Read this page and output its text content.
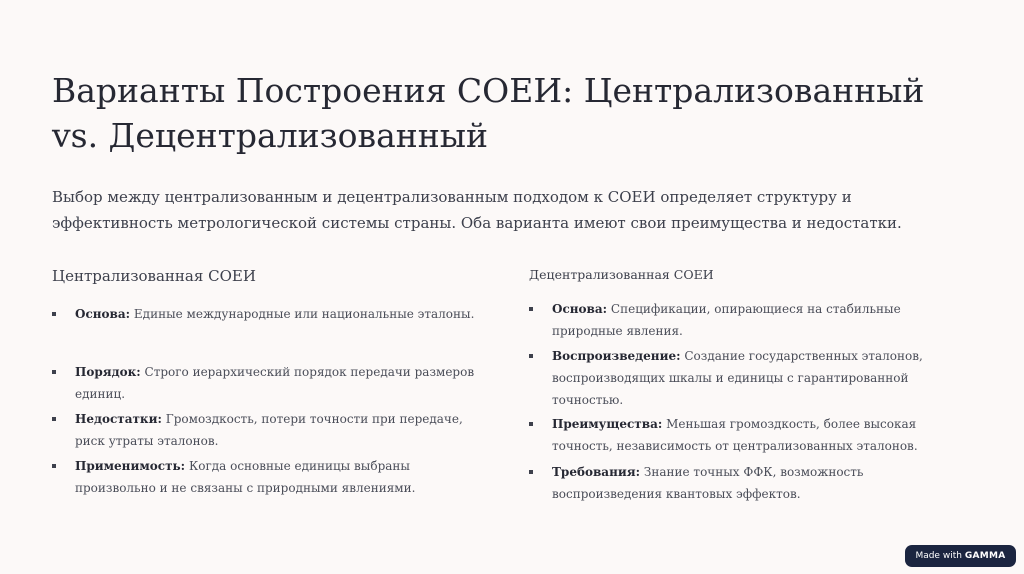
Варианты Построения СОЕИ: Централизованный vs. Децентрализованный

Выбор между централизованным и децентрализованным подходом к СОЕИ определяет структуру и эффективность метрологической системы страны. Оба варианта имеют свои преимущества и недостатки.

Централизованная СОЕИ
Основа: Единые международные или национальные эталоны.
Порядок: Строго иерархический порядок передачи размеров единиц.
Недостатки: Громоздкость, потери точности при передаче, риск утраты эталонов.
Применимость: Когда основные единицы выбраны произвольно и не связаны с природными явлениями.
Децентрализованная СОЕИ
Основа: Спецификации, опирающиеся на стабильные природные явления.
Воспроизведение: Создание государственных эталонов, воспроизводящих шкалы и единицы с гарантированной точностью.
Преимущества: Меньшая громоздкость, более высокая точность, независимость от централизованных эталонов.
Требования: Знание точных ФФК, возможность воспроизведения квантовых эффектов.
Made with GAMMA
